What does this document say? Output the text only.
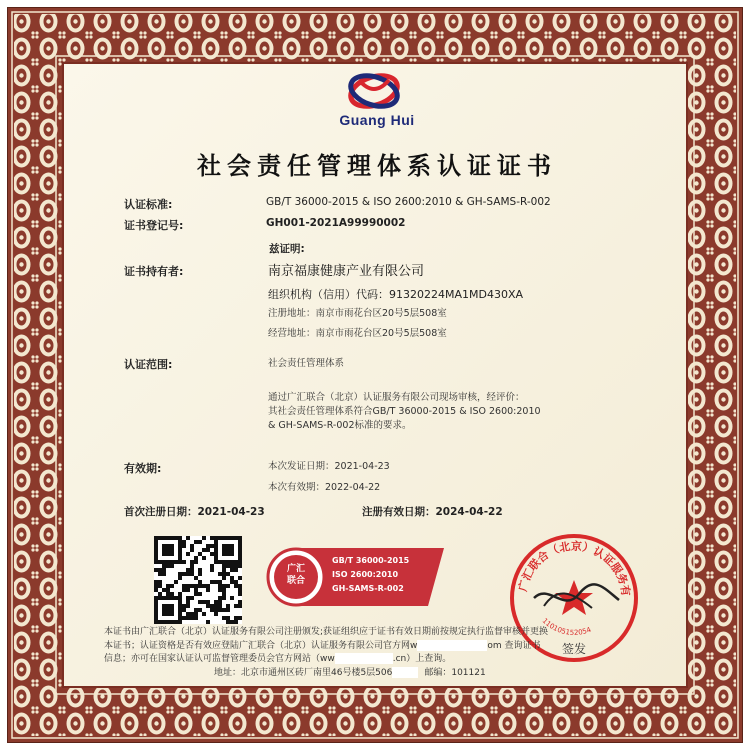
Guang Hui
社会责任管理体系认证证书
认证标准:	GB/T 36000-2015 & ISO 2600:2010 & GH-SAMS-R-002
证书登记号:	GH001-2021A99990002
兹证明:
证书持有者:	南京福康健康产业有限公司
组织机构（信用）代码：91320224MA1MD430XA
注册地址：南京市雨花台区20号5层508室
经营地址：南京市雨花台区20号5层508室
认证范围:	社会责任管理体系
通过广汇联合（北京）认证服务有限公司现场审核，经评价：
其社会责任管理体系符合GB/T 36000-2015 & ISO 2600:2010
& GH-SAMS-R-002标准的要求。
有效期:	本次发证日期：2021-04-23
本次有效期：2022-04-22
首次注册日期：2021-04-23	注册有效日期：2024-04-22
广汇
联合
GB/T 36000-2015
ISO 2600:2010
GH-SAMS-R-002	广汇联合（北京）认证服务有
110105152054
签发
本证书由广汇联合（北京）认证服务有限公司注册颁发;获证组织应于证书有效日期前按规定执行监督审核并更换
本证书；认证资格是否有效应登陆广汇联合（北京）认证服务有限公司官方网w	om 查询证书
信息；亦可在国家认证认可监督管理委员会官方网站（ww	.cn）上查询。
地址：北京市通州区砖厂南里46号楼5层506	邮编：101121
